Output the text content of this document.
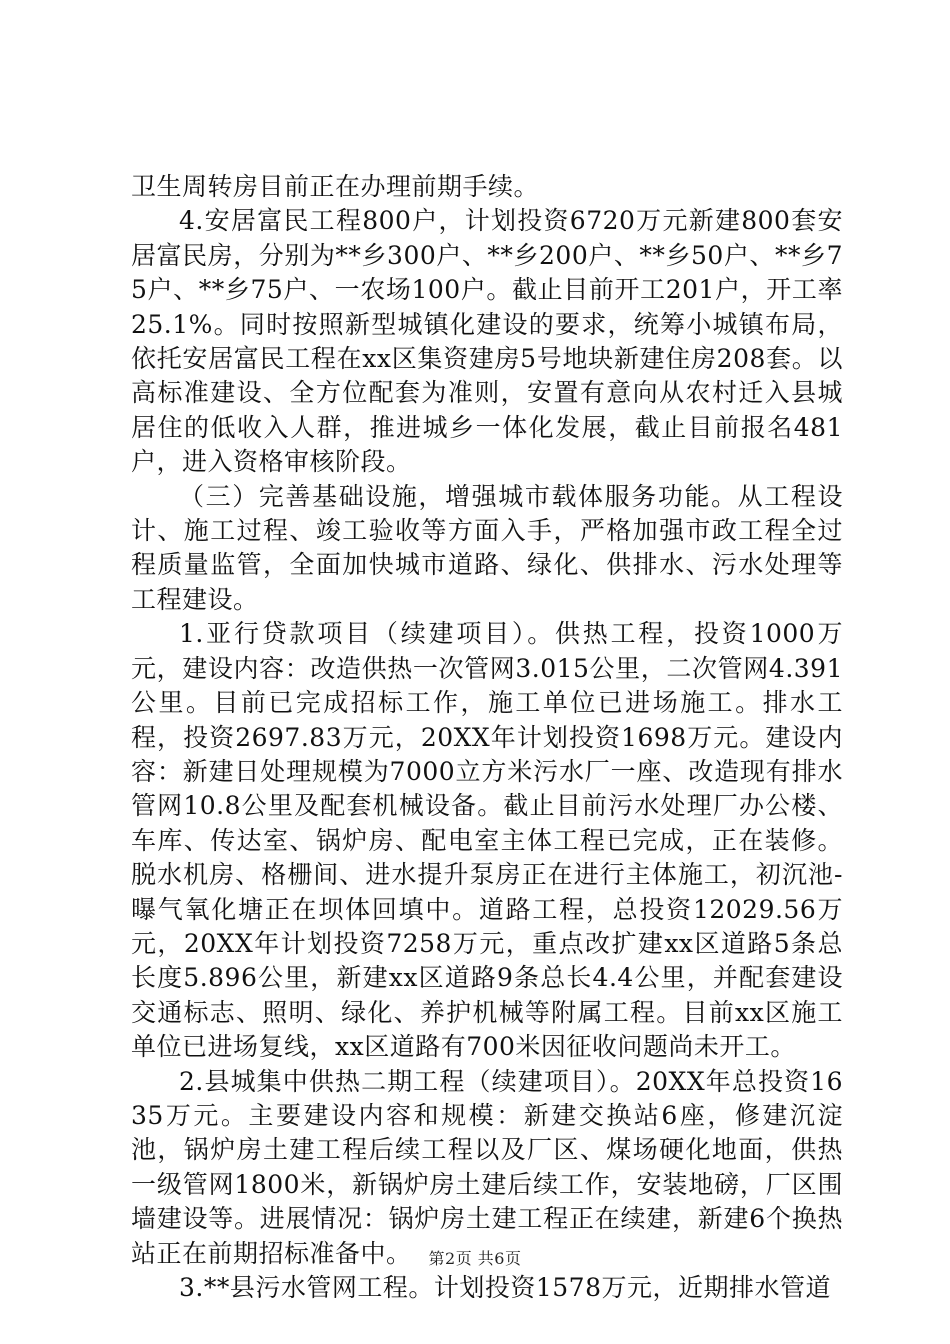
卫生周转房目前正在办理前期手续。

4.安居富民工程800户，计划投资6720万元新建800套安居富民房，分别为**乡300户、**乡200户、**乡50户、**乡75户、**乡75户、一农场100户。截止目前开工201户，开工率25.1%。同时按照新型城镇化建设的要求，统筹小城镇布局，依托安居富民工程在xx区集资建房5号地块新建住房208套。以高标准建设、全方位配套为准则，安置有意向从农村迁入县城居住的低收入人群，推进城乡一体化发展，截止目前报名481户，进入资格审核阶段。

（三）完善基础设施，增强城市载体服务功能。从工程设计、施工过程、竣工验收等方面入手，严格加强市政工程全过程质量监管，全面加快城市道路、绿化、供排水、污水处理等工程建设。

1.亚行贷款项目（续建项目）。供热工程，投资1000万元，建设内容：改造供热一次管网3.015公里，二次管网4.391公里。目前已完成招标工作，施工单位已进场施工。排水工程，投资2697.83万元，20XX年计划投资1698万元。建设内容：新建日处理规模为7000立方米污水厂一座、改造现有排水管网10.8公里及配套机械设备。截止目前污水处理厂办公楼、车库、传达室、锅炉房、配电室主体工程已完成，正在装修。脱水机房、格栅间、进水提升泵房正在进行主体施工，初沉池-曝气氧化塘正在坝体回填中。道路工程，总投资12029.56万元，20XX年计划投资7258万元，重点改扩建xx区道路5条总长度5.896公里，新建xx区道路9条总长4.4公里，并配套建设交通标志、照明、绿化、养护机械等附属工程。目前xx区施工单位已进场复线，xx区道路有700米因征收问题尚未开工。

2.县城集中供热二期工程（续建项目）。20XX年总投资1635万元。主要建设内容和规模：新建交换站6座，修建沉淀池，锅炉房土建工程后续工程以及厂区、煤场硬化地面，供热一级管网1800米，新锅炉房土建后续工作，安装地磅，厂区围墙建设等。进展情况：锅炉房土建工程正在续建，新建6个换热站正在前期招标准备中。

3.**县污水管网工程。计划投资1578万元，近期排水管道

第2页 共6页
